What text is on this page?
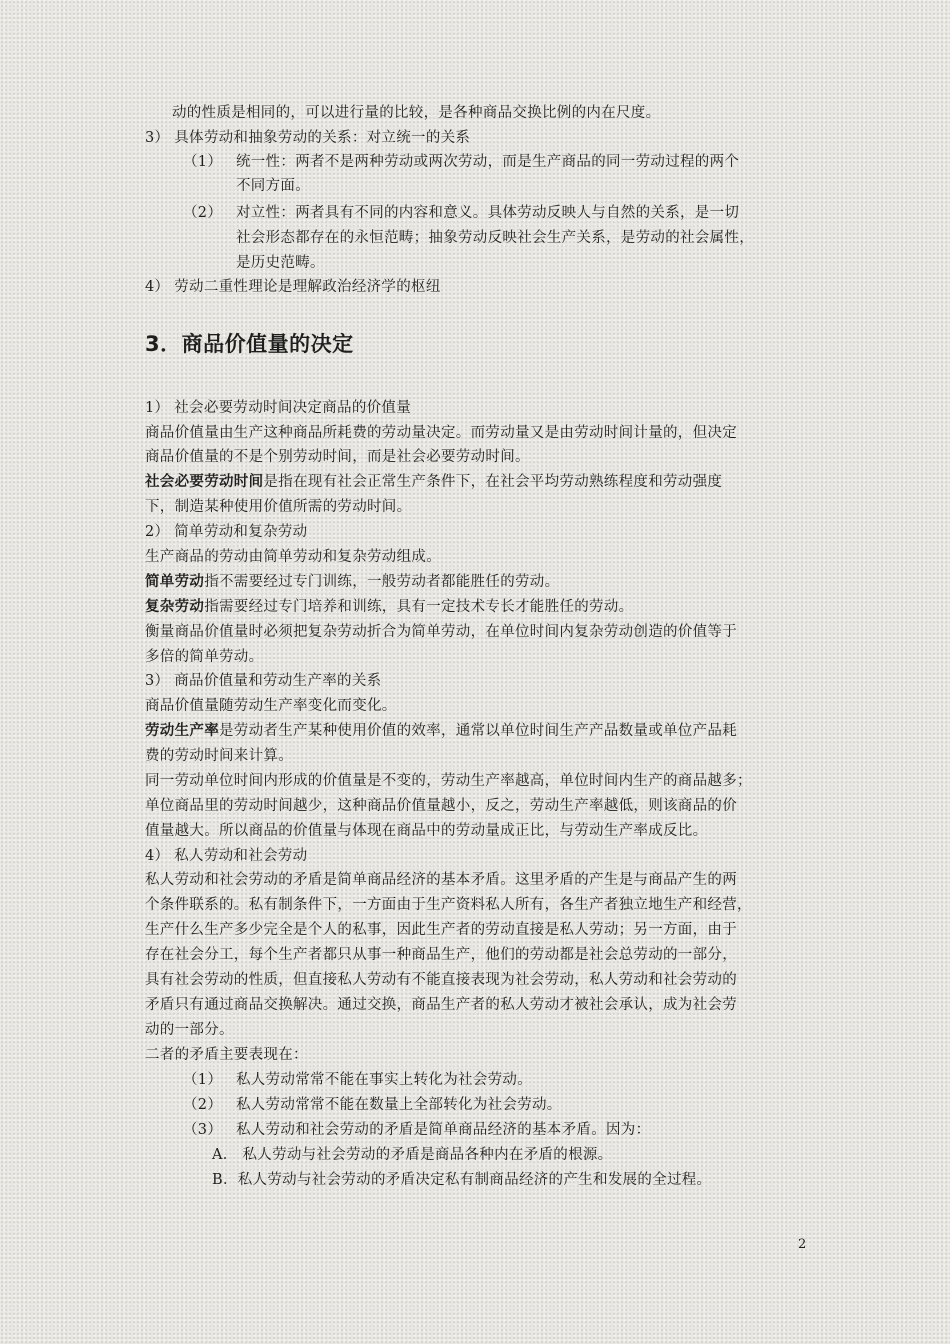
动的性质是相同的，可以进行量的比较，是各种商品交换比例的内在尺度。
3） 具体劳动和抽象劳动的关系：对立统一的关系
（1） 统一性：两者不是两种劳动或两次劳动，而是生产商品的同一劳动过程的两个
不同方面。
（2） 对立性：两者具有不同的内容和意义。具体劳动反映人与自然的关系，是一切
社会形态都存在的永恒范畴；抽象劳动反映社会生产关系，是劳动的社会属性，
是历史范畴。
4） 劳动二重性理论是理解政治经济学的枢纽
3．商品价值量的决定
1） 社会必要劳动时间决定商品的价值量
商品价值量由生产这种商品所耗费的劳动量决定。而劳动量又是由劳动时间计量的，但决定
商品价值量的不是个别劳动时间，而是社会必要劳动时间。
社会必要劳动时间是指在现有社会正常生产条件下，在社会平均劳动熟练程度和劳动强度
下，制造某种使用价值所需的劳动时间。
2） 简单劳动和复杂劳动
生产商品的劳动由简单劳动和复杂劳动组成。
简单劳动指不需要经过专门训练，一般劳动者都能胜任的劳动。
复杂劳动指需要经过专门培养和训练，具有一定技术专长才能胜任的劳动。
衡量商品价值量时必须把复杂劳动折合为简单劳动，在单位时间内复杂劳动创造的价值等于
多倍的简单劳动。
3） 商品价值量和劳动生产率的关系
商品价值量随劳动生产率变化而变化。
劳动生产率是劳动者生产某种使用价值的效率，通常以单位时间生产产品数量或单位产品耗
费的劳动时间来计算。
同一劳动单位时间内形成的价值量是不变的，劳动生产率越高，单位时间内生产的商品越多；
单位商品里的劳动时间越少，这种商品价值量越小，反之，劳动生产率越低，则该商品的价
值量越大。所以商品的价值量与体现在商品中的劳动量成正比，与劳动生产率成反比。
4） 私人劳动和社会劳动
私人劳动和社会劳动的矛盾是简单商品经济的基本矛盾。这里矛盾的产生是与商品产生的两
个条件联系的。私有制条件下，一方面由于生产资料私人所有，各生产者独立地生产和经营，
生产什么生产多少完全是个人的私事，因此生产者的劳动直接是私人劳动；另一方面，由于
存在社会分工，每个生产者都只从事一种商品生产，他们的劳动都是社会总劳动的一部分，
具有社会劳动的性质，但直接私人劳动有不能直接表现为社会劳动，私人劳动和社会劳动的
矛盾只有通过商品交换解决。通过交换，商品生产者的私人劳动才被社会承认，成为社会劳
动的一部分。
二者的矛盾主要表现在：
（1） 私人劳动常常不能在事实上转化为社会劳动。
（2） 私人劳动常常不能在数量上全部转化为社会劳动。
（3） 私人劳动和社会劳动的矛盾是简单商品经济的基本矛盾。因为：
A． 私人劳动与社会劳动的矛盾是商品各种内在矛盾的根源。
B．私人劳动与社会劳动的矛盾决定私有制商品经济的产生和发展的全过程。
2
